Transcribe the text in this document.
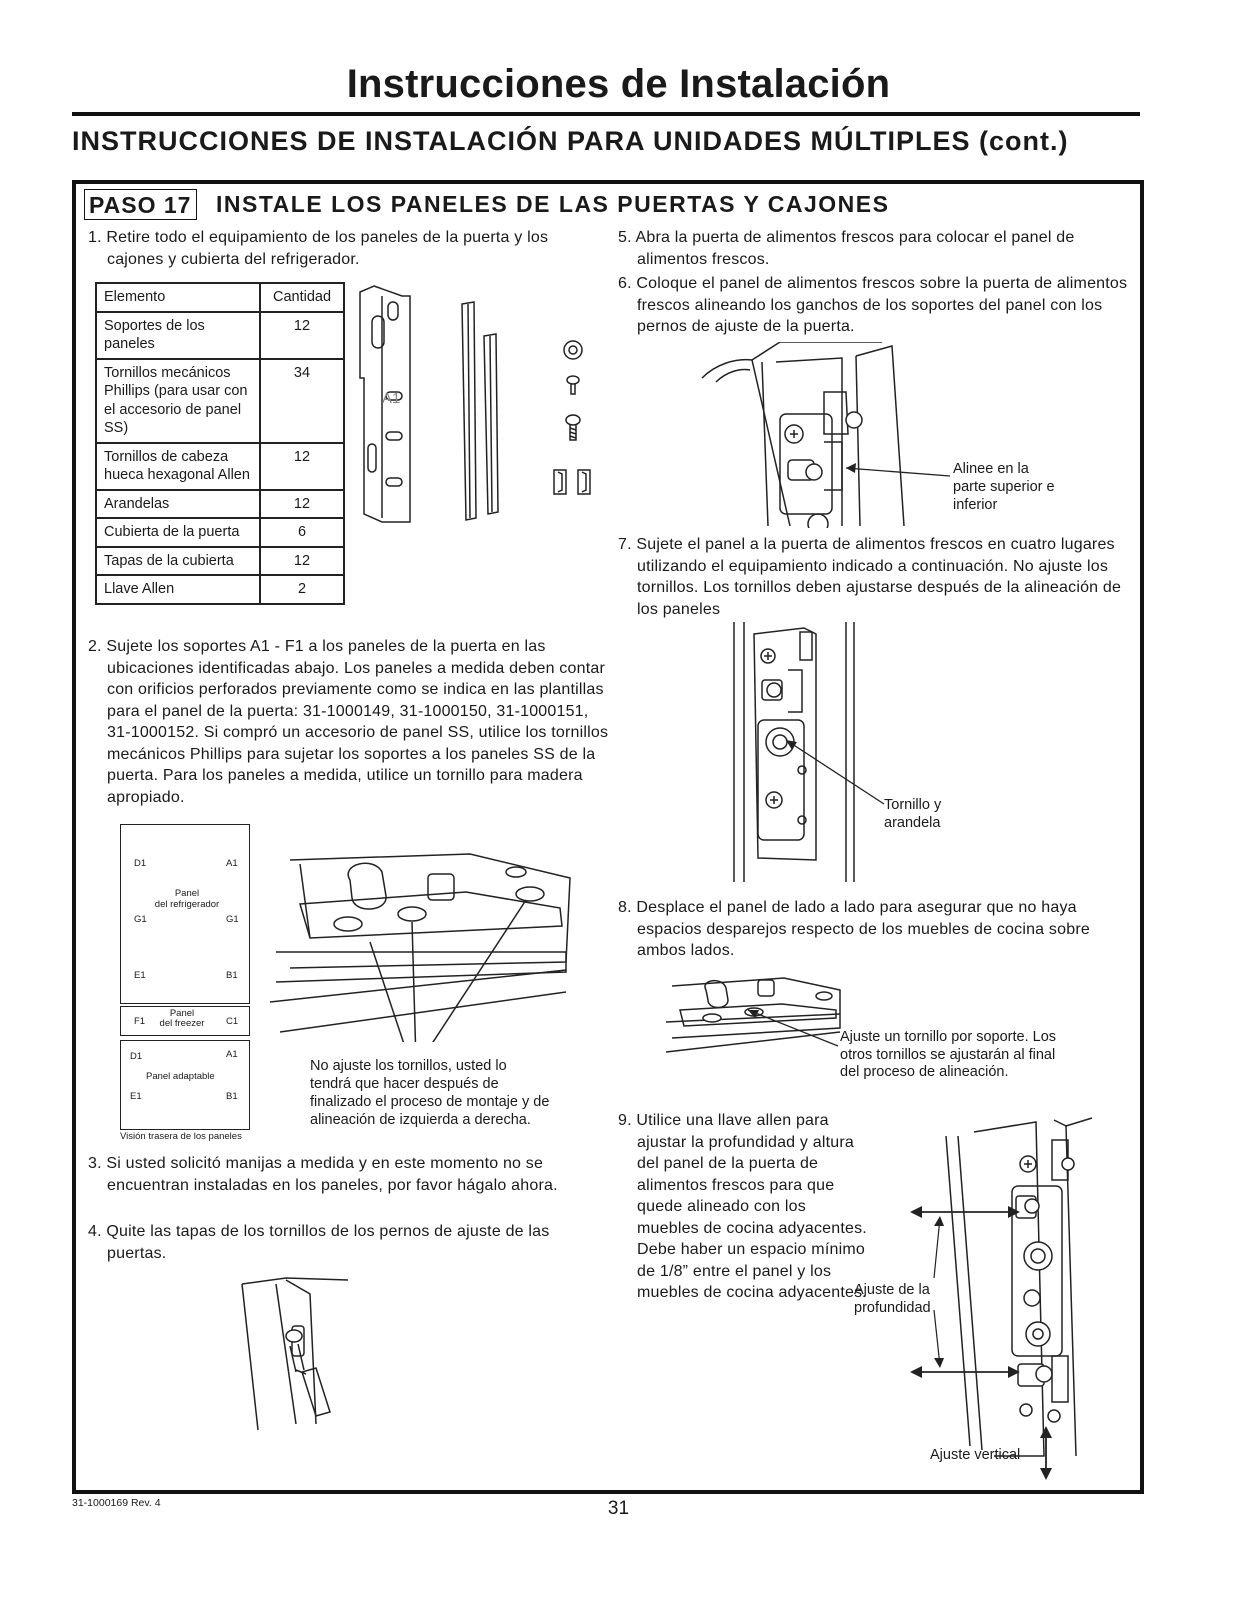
Instrucciones de Instalación
INSTRUCCIONES DE INSTALACIÓN PARA UNIDADES MÚLTIPLES (cont.)
PASO 17 INSTALE LOS PANELES DE LAS PUERTAS Y CAJONES
1. Retire todo el equipamiento de los paneles de la puerta y los cajones y cubierta del refrigerador.
Elemento	Cantidad
Soportes de los paneles	12
Tornillos mecánicos Phillips (para usar con el accesorio de panel SS)	34
Tornillos de cabeza hueca hexagonal Allen	12
Arandelas	12
Cubierta de la puerta	6
Tapas de la cubierta	12
Llave Allen	2
A1
2. Sujete los soportes A1 - F1 a los paneles de la puerta en las ubicaciones identificadas abajo. Los paneles a medida deben contar con orificios perforados previamente como se indica en las plantillas para el panel de la puerta: 31-1000149, 31-1000150, 31-1000151, 31-1000152. Si compró un accesorio de panel SS, utilice los tornillos mecánicos Phillips para sujetar los soportes a los paneles SS de la puerta. Para los paneles a medida, utilice un tornillo para madera apropiado.
D1	A1
Panel
del refrigerador
G1	G1
E1	B1
F1	C1
Panel
del freezer
D1	A1
Panel adaptable
E1	B1
Visión trasera de los paneles
No ajuste los tornillos, usted lo tendrá que hacer después de finalizado el proceso de montaje y de alineación de izquierda a derecha.
3. Si usted solicitó manijas a medida y en este momento no se encuentran instaladas en los paneles, por favor hágalo ahora.
4. Quite las tapas de los tornillos de los pernos de ajuste de las puertas.
5. Abra la puerta de alimentos frescos para colocar el panel de alimentos frescos.
6. Coloque el panel de alimentos frescos sobre la puerta de alimentos frescos alineando los ganchos de los soportes del panel con los pernos de ajuste de la puerta.
Alinee en la parte superior e inferior
7. Sujete el panel a la puerta de alimentos frescos en cuatro lugares utilizando el equipamiento indicado a continuación. No ajuste los tornillos. Los tornillos deben ajustarse después de la alineación de los paneles
Tornillo y arandela
8. Desplace el panel de lado a lado para asegurar que no haya espacios desparejos respecto de los muebles de cocina sobre ambos lados.
Ajuste un tornillo por soporte. Los otros tornillos se ajustarán al final del proceso de alineación.
9. Utilice una llave allen para ajustar la profundidad y altura del panel de la puerta de alimentos frescos para que quede alineado con los muebles de cocina adyacentes. Debe haber un espacio mínimo de 1/8” entre el panel y los muebles de cocina adyacentes.
Ajuste de la profundidad
Ajuste vertical
31-1000169 Rev. 4	31
